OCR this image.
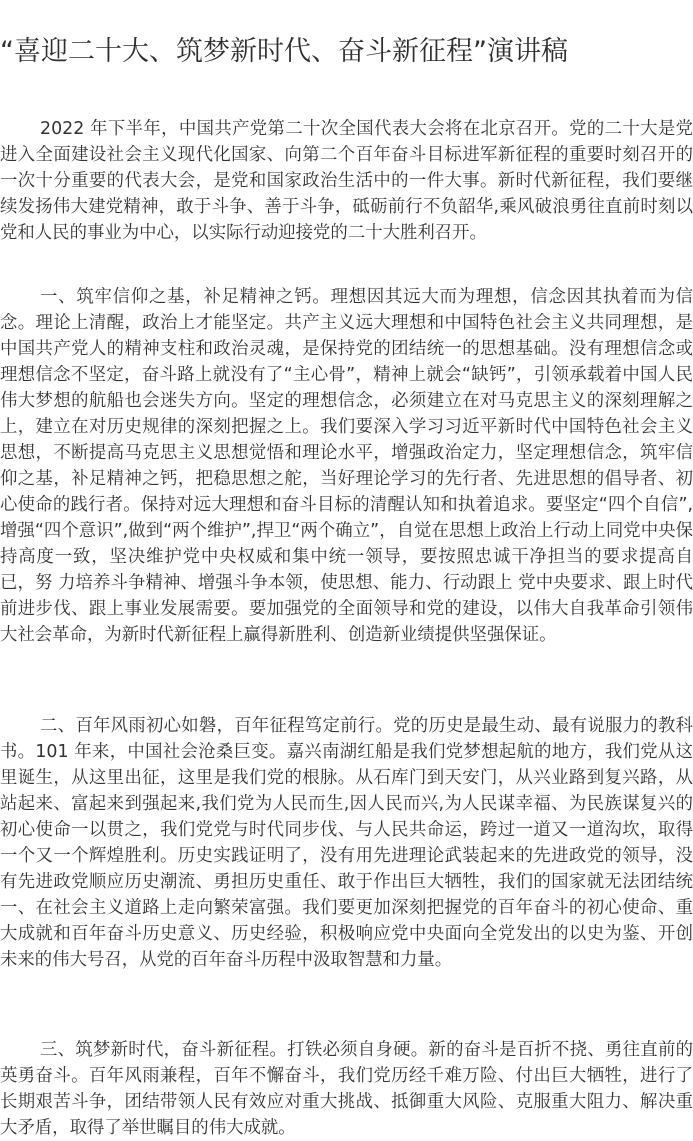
“喜迎二十大、筑梦新时代、奋斗新征程”演讲稿

2022 年下半年，中国共产党第二十次全国代表大会将在北京召开。党的二十大是党进入全面建设社会主义现代化国家、向第二个百年奋斗目标进军新征程的重要时刻召开的一次十分重要的代表大会，是党和国家政治生活中的一件大事。新时代新征程，我们要继续发扬伟大建党精神，敢于斗争、善于斗争，砥砺前行不负韶华,乘风破浪勇往直前时刻以党和人民的事业为中心，以实际行动迎接党的二十大胜利召开。

一、筑牢信仰之基，补足精神之钙。理想因其远大而为理想，信念因其执着而为信念。理论上清醒，政治上才能坚定。共产主义远大理想和中国特色社会主义共同理想，是中国共产党人的精神支柱和政治灵魂，是保持党的团结统一的思想基础。没有理想信念或理想信念不坚定，奋斗路上就没有了“主心骨”，精神上就会“缺钙”，引领承载着中国人民伟大梦想的航船也会迷失方向。坚定的理想信念，必须建立在对马克思主义的深刻理解之上，建立在对历史规律的深刻把握之上。我们要深入学习习近平新时代中国特色社会主义思想，不断提高马克思主义思想觉悟和理论水平，增强政治定力，坚定理想信念，筑牢信仰之基，补足精神之钙，把稳思想之舵，当好理论学习的先行者、先进思想的倡导者、初心使命的践行者。保持对远大理想和奋斗目标的清醒认知和执着追求。要坚定“四个自信”,增强“四个意识”,做到“两个维护”,捍卫“两个确立”，自觉在思想上政治上行动上同党中央保持高度一致，坚决维护党中央权威和集中统一领导，要按照忠诚干净担当的要求提高自已，努 力培养斗争精神、增强斗争本领，使思想、能力、行动跟上 党中央要求、跟上时代前进步伐、跟上事业发展需要。要加强党的全面领导和党的建设，以伟大自我革命引领伟大社会革命，为新时代新征程上赢得新胜利、创造新业绩提供坚强保证。

二、百年风雨初心如磐，百年征程笃定前行。党的历史是最生动、最有说服力的教科书。101 年来，中国社会沧桑巨变。嘉兴南湖红船是我们党梦想起航的地方，我们党从这里诞生，从这里出征，这里是我们党的根脉。从石库门到天安门，从兴业路到复兴路，从站起来、富起来到强起来,我们党为人民而生,因人民而兴,为人民谋幸福、为民族谋复兴的初心使命一以贯之，我们党党与时代同步伐、与人民共命运，跨过一道又一道沟坎，取得一个又一个辉煌胜利。历史实践证明了，没有用先进理论武装起来的先进政党的领导，没有先进政党顺应历史潮流、勇担历史重任、敢于作出巨大牺牲，我们的国家就无法团结统一、在社会主义道路上走向繁荣富强。我们要更加深刻把握党的百年奋斗的初心使命、重大成就和百年奋斗历史意义、历史经验，积极响应党中央面向全党发出的以史为鉴、开创未来的伟大号召，从党的百年奋斗历程中汲取智慧和力量。

三、筑梦新时代，奋斗新征程。打铁必须自身硬。新的奋斗是百折不挠、勇往直前的英勇奋斗。百年风雨兼程，百年不懈奋斗，我们党历经千难万险、付出巨大牺牲，进行了长期艰苦斗争，团结带领人民有效应对重大挑战、抵御重大风险、克服重大阻力、解决重大矛盾，取得了举世瞩目的伟大成就。
